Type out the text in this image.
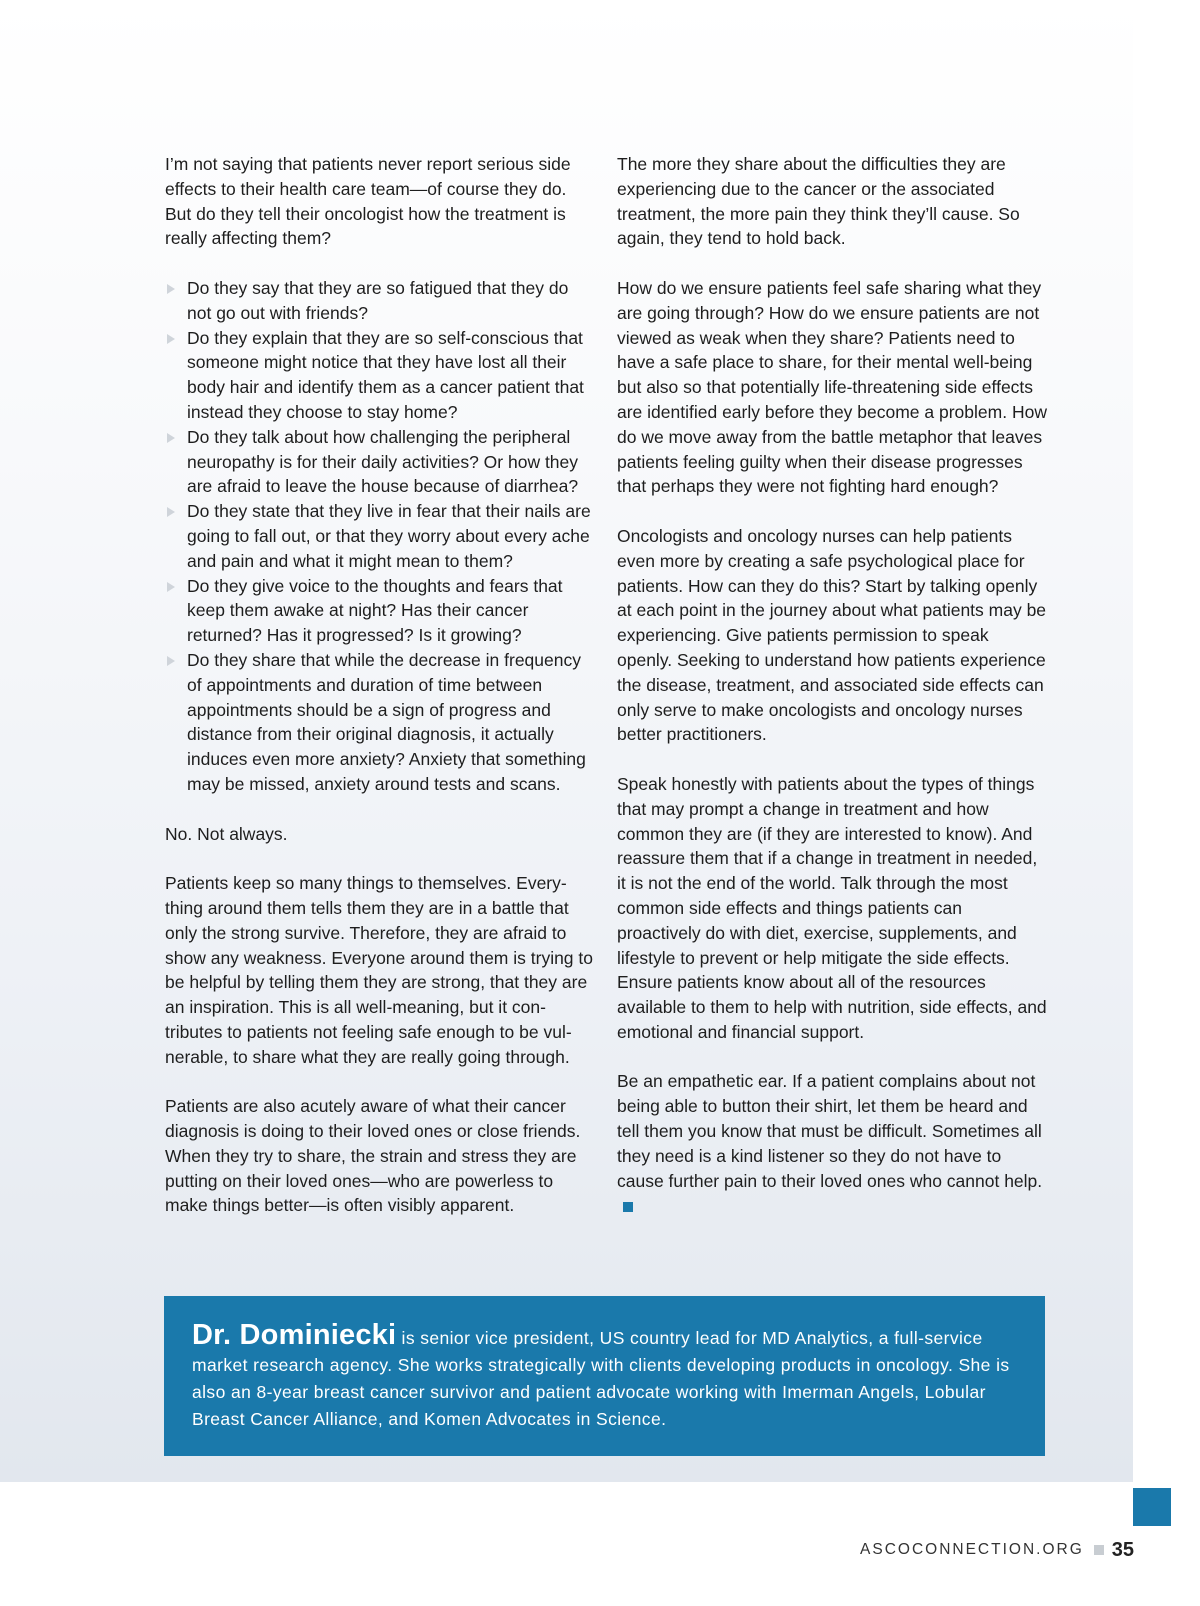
I’m not saying that patients never report serious side effects to their health care team—of course they do. But do they tell their oncologist how the treatment is really affecting them?

Do they say that they are so fatigued that they do not go out with friends?
Do they explain that they are so self-conscious that someone might notice that they have lost all their body hair and identify them as a cancer patient that instead they choose to stay home?
Do they talk about how challenging the peripheral neuropathy is for their daily activities? Or how they are afraid to leave the house because of diarrhea?
Do they state that they live in fear that their nails are going to fall out, or that they worry about every ache and pain and what it might mean to them?
Do they give voice to the thoughts and fears that keep them awake at night? Has their cancer returned? Has it progressed? Is it growing?
Do they share that while the decrease in frequency of appointments and duration of time between appointments should be a sign of progress and distance from their original diagnosis, it actually induces even more anxiety? Anxiety that something may be missed, anxiety around tests and scans.

No. Not always.

Patients keep so many things to themselves. Everything around them tells them they are in a battle that only the strong survive. Therefore, they are afraid to show any weakness. Everyone around them is trying to be helpful by telling them they are strong, that they are an inspiration. This is all well-meaning, but it contributes to patients not feeling safe enough to be vulnerable, to share what they are really going through.

Patients are also acutely aware of what their cancer diagnosis is doing to their loved ones or close friends. When they try to share, the strain and stress they are putting on their loved ones—who are powerless to make things better—is often visibly apparent.

The more they share about the difficulties they are experiencing due to the cancer or the associated treatment, the more pain they think they’ll cause. So again, they tend to hold back.

How do we ensure patients feel safe sharing what they are going through? How do we ensure patients are not viewed as weak when they share? Patients need to have a safe place to share, for their mental well-being but also so that potentially life-threatening side effects are identified early before they become a problem. How do we move away from the battle metaphor that leaves patients feeling guilty when their disease progresses that perhaps they were not fighting hard enough?

Oncologists and oncology nurses can help patients even more by creating a safe psychological place for patients. How can they do this? Start by talking openly at each point in the journey about what patients may be experiencing. Give patients permission to speak openly. Seeking to understand how patients experience the disease, treatment, and associated side effects can only serve to make oncologists and oncology nurses better practitioners.

Speak honestly with patients about the types of things that may prompt a change in treatment and how common they are (if they are interested to know). And reassure them that if a change in treatment in needed, it is not the end of the world. Talk through the most common side effects and things patients can proactively do with diet, exercise, supplements, and lifestyle to prevent or help mitigate the side effects. Ensure patients know about all of the resources available to them to help with nutrition, side effects, and emotional and financial support.

Be an empathetic ear. If a patient complains about not being able to button their shirt, let them be heard and tell them you know that must be difficult. Sometimes all they need is a kind listener so they do not have to cause further pain to their loved ones who cannot help.

Dr. Dominiecki is senior vice president, US country lead for MD Analytics, a full-service market research agency. She works strategically with clients developing products in oncology. She is also an 8-year breast cancer survivor and patient advocate working with Imerman Angels, Lobular Breast Cancer Alliance, and Komen Advocates in Science.
ASCOCONNECTION.ORG 35
